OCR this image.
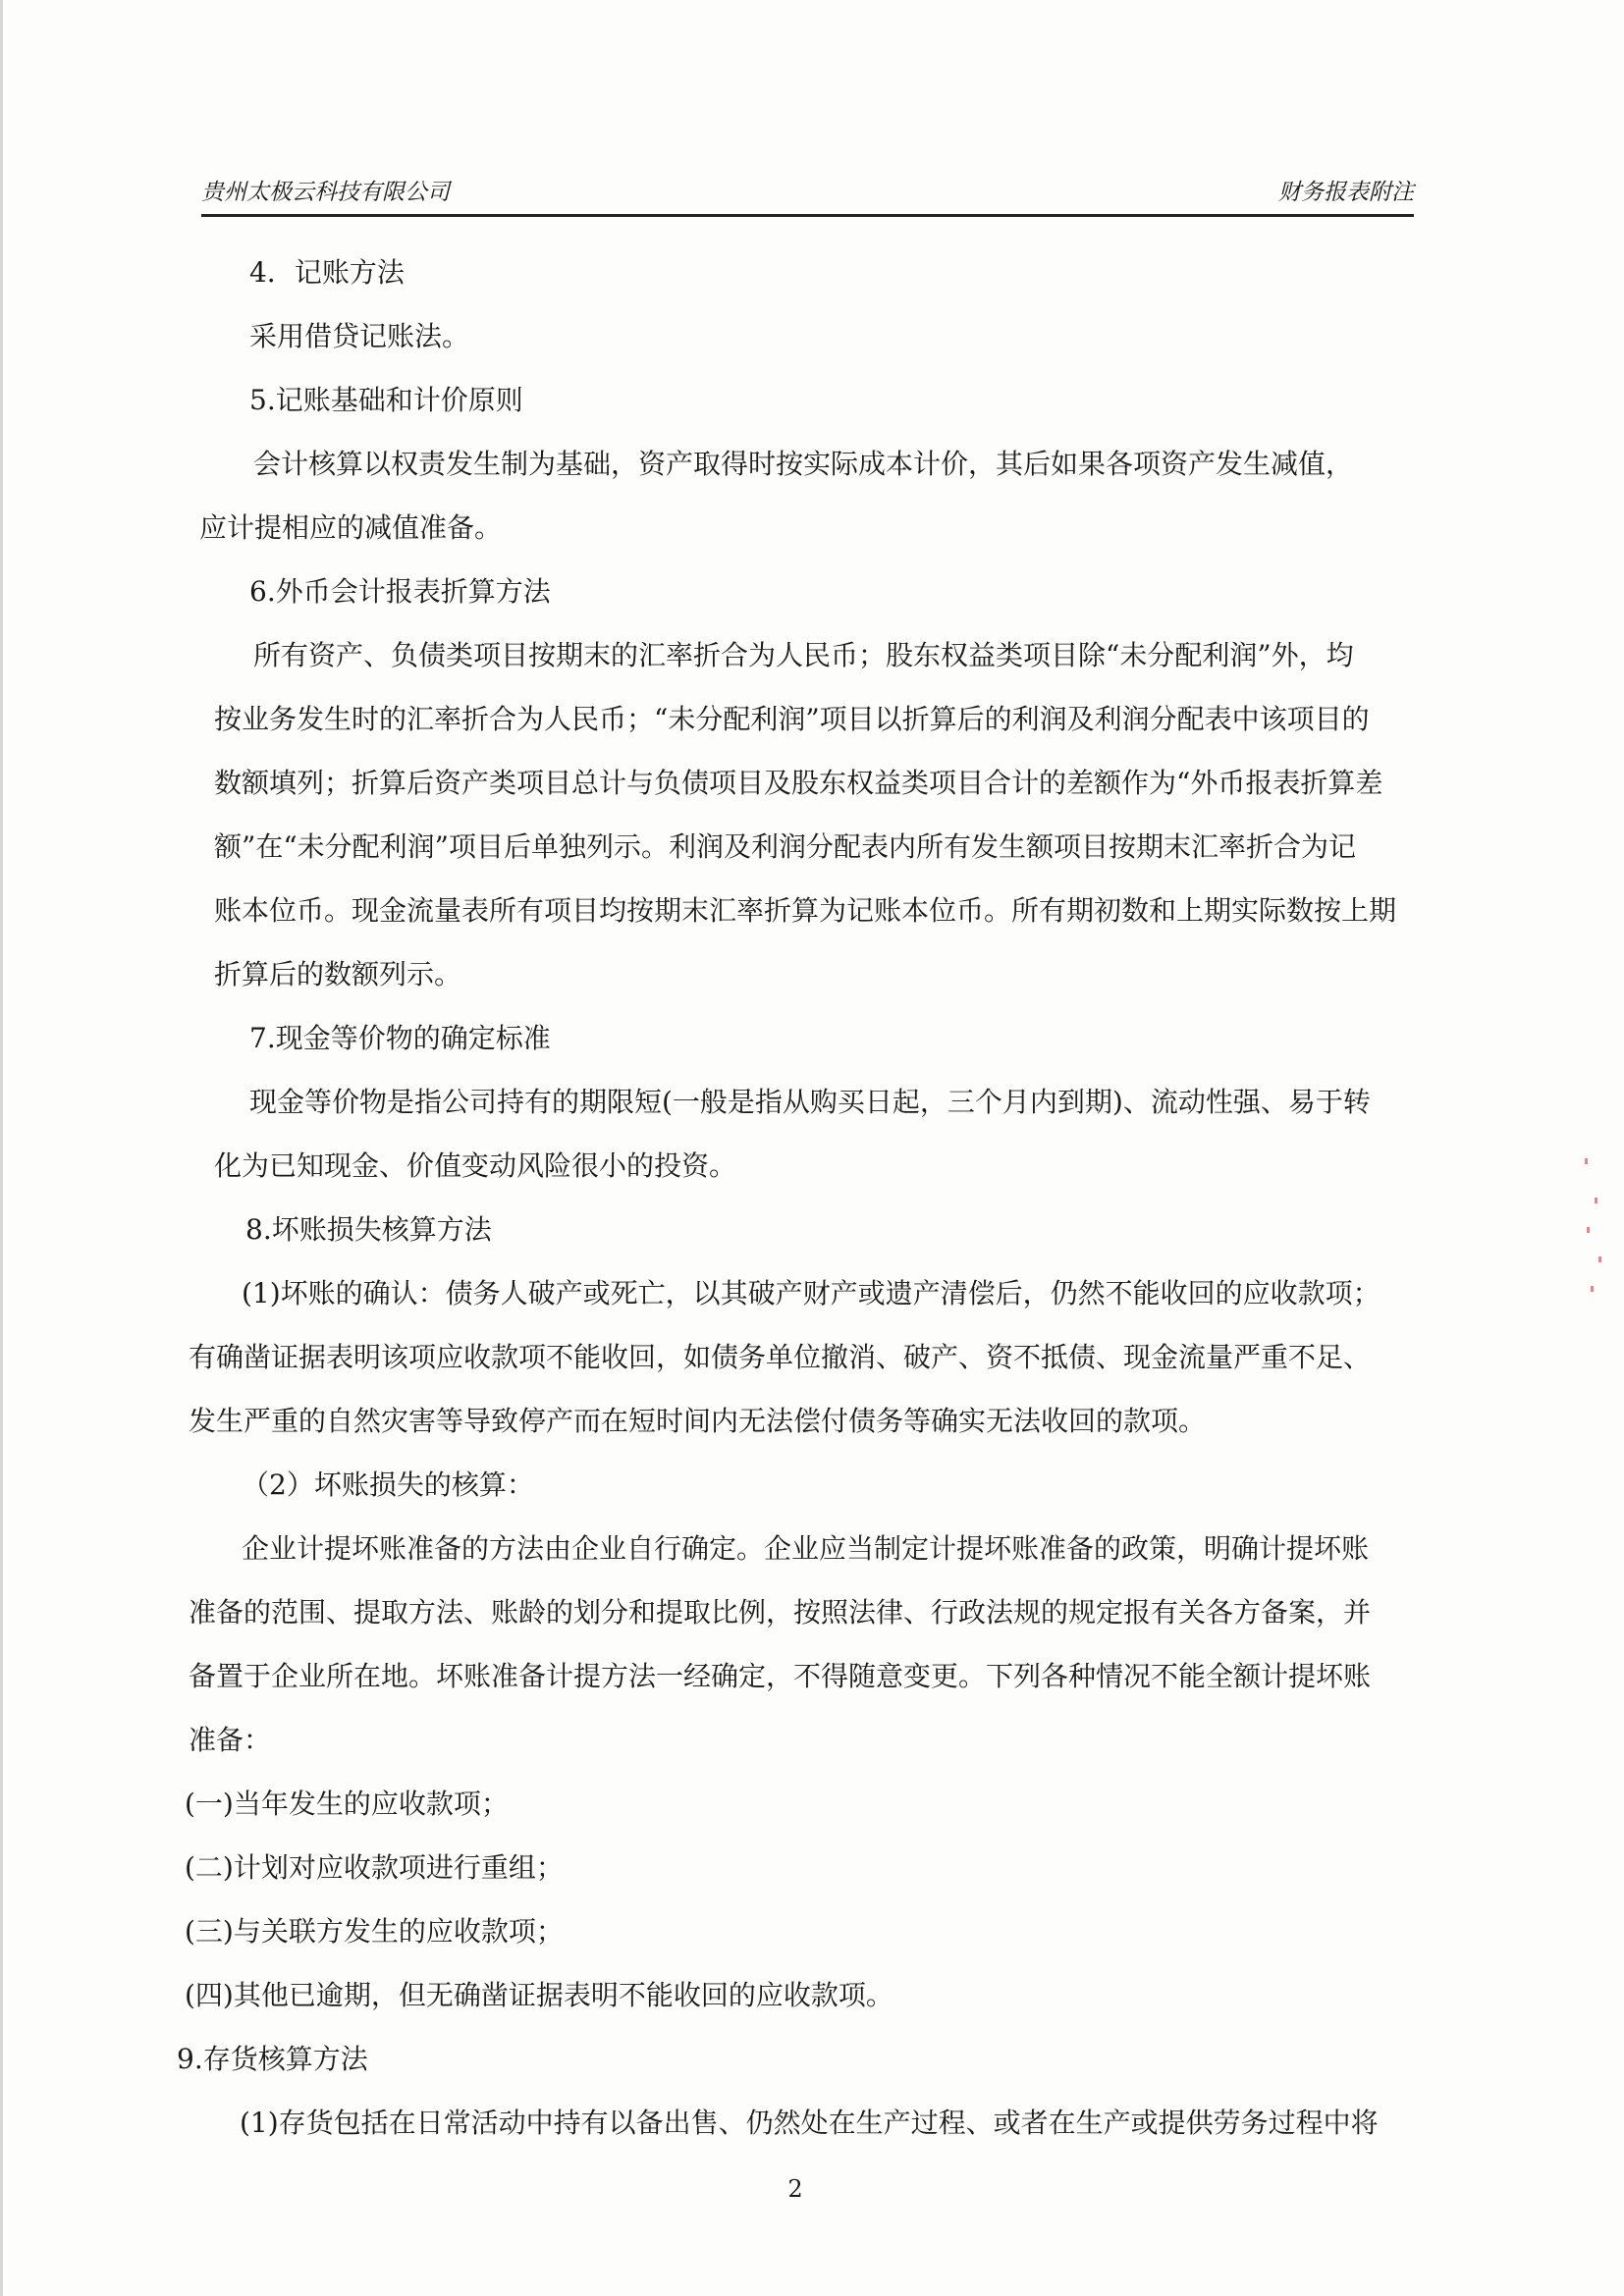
贵州太极云科技有限公司	财务报表附注
4．记账方法
采用借贷记账法。
5.记账基础和计价原则
会计核算以权责发生制为基础，资产取得时按实际成本计价，其后如果各项资产发生减值，
应计提相应的减值准备。
6.外币会计报表折算方法
所有资产、负债类项目按期末的汇率折合为人民币；股东权益类项目除“未分配利润”外，均
按业务发生时的汇率折合为人民币；“未分配利润”项目以折算后的利润及利润分配表中该项目的
数额填列；折算后资产类项目总计与负债项目及股东权益类项目合计的差额作为“外币报表折算差
额”在“未分配利润”项目后单独列示。利润及利润分配表内所有发生额项目按期末汇率折合为记
账本位币。现金流量表所有项目均按期末汇率折算为记账本位币。所有期初数和上期实际数按上期
折算后的数额列示。
7.现金等价物的确定标准
现金等价物是指公司持有的期限短(一般是指从购买日起，三个月内到期)、流动性强、易于转
化为已知现金、价值变动风险很小的投资。
8.坏账损失核算方法
(1)坏账的确认：债务人破产或死亡，以其破产财产或遗产清偿后，仍然不能收回的应收款项；
有确凿证据表明该项应收款项不能收回，如债务单位撤消、破产、资不抵债、现金流量严重不足、
发生严重的自然灾害等导致停产而在短时间内无法偿付债务等确实无法收回的款项。
（2）坏账损失的核算：
企业计提坏账准备的方法由企业自行确定。企业应当制定计提坏账准备的政策，明确计提坏账
准备的范围、提取方法、账龄的划分和提取比例，按照法律、行政法规的规定报有关各方备案，并
备置于企业所在地。坏账准备计提方法一经确定，不得随意变更。下列各种情况不能全额计提坏账
准备：
(一)当年发生的应收款项；
(二)计划对应收款项进行重组；
(三)与关联方发生的应收款项；
(四)其他已逾期，但无确凿证据表明不能收回的应收款项。
9.存货核算方法
(1)存货包括在日常活动中持有以备出售、仍然处在生产过程、或者在生产或提供劳务过程中将
2
